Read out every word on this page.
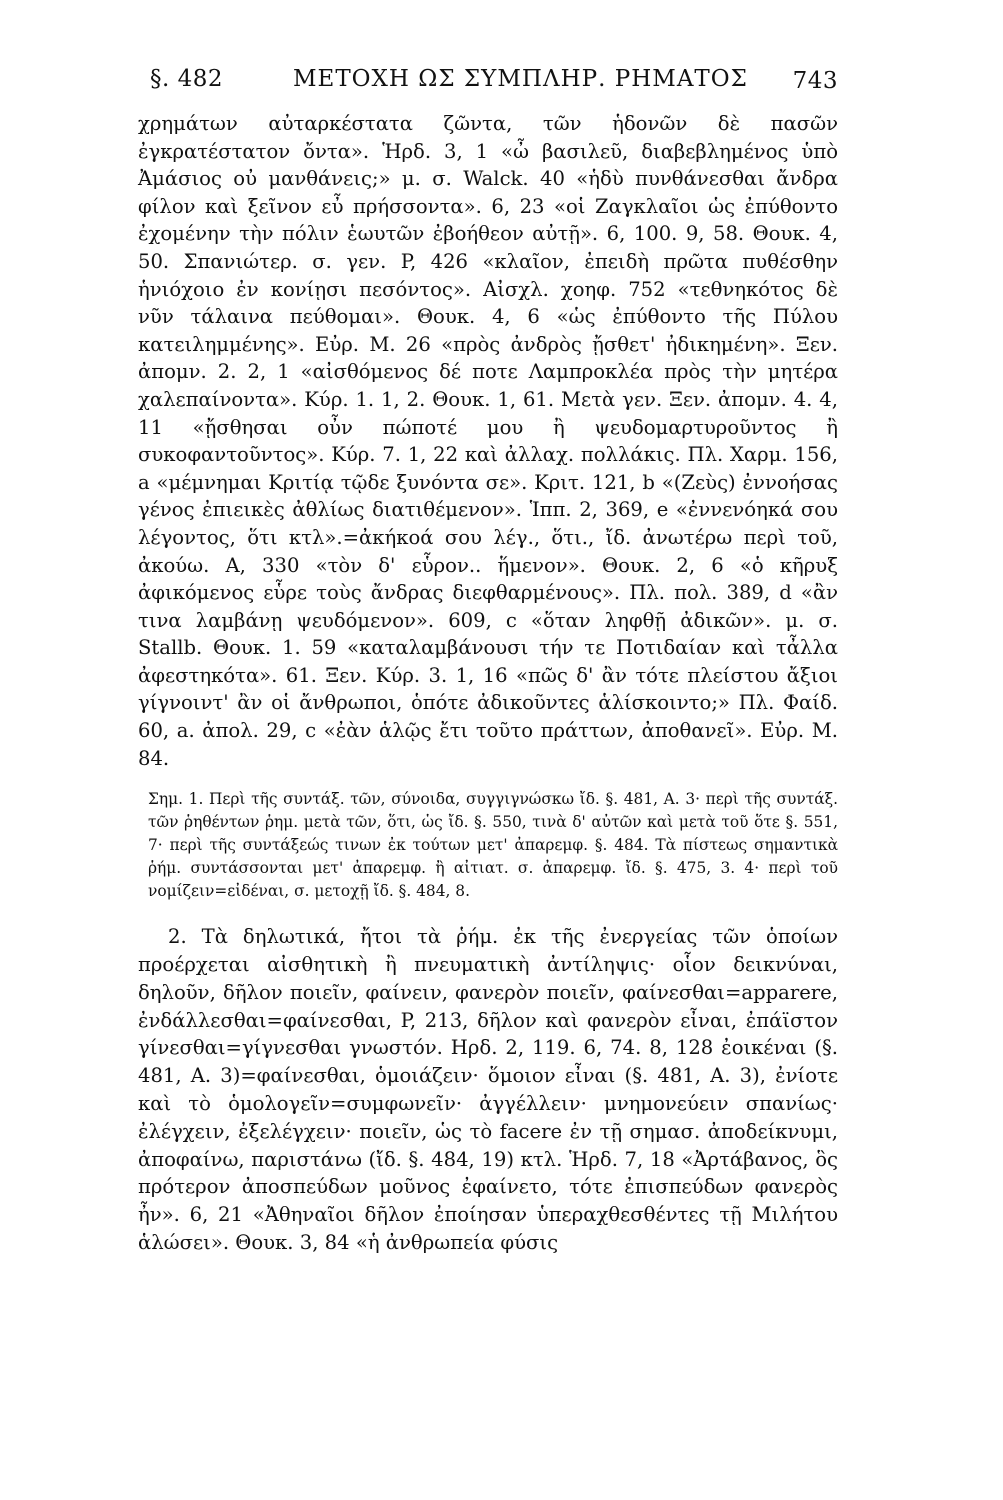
§. 482	ΜΕΤΟΧΗ ΩΣ ΣΥΜΠΛΗΡ. ΡΗΜΑΤΟΣ 743
χρημάτων αὐταρκέστατα ζῶντα, τῶν ἡδονῶν δὲ πασῶν ἐγκρατέστατον ὄντα». Ἡρδ. 3, 1 «ὦ βασιλεῦ, διαβεβλημένος ὑπὸ Ἀμάσιος οὐ μανθάνεις;» μ. σ. Walck. 40 «ἡδὺ πυνθάνεσθαι ἄνδρα φίλον καὶ ξεῖνον εὖ πρήσσοντα». 6, 23 «οἱ Ζαγκλαῖοι ὡς ἐπύθοντο ἐχομένην τὴν πόλιν ἑωυτῶν ἐβοήθεον αὐτῇ». 6, 100. 9, 58. Θουκ. 4, 50. Σπανιώτερ. σ. γεν. P, 426 «κλαῖον, ἐπειδὴ πρῶτα πυθέσθην ἡνιόχοιο ἐν κονίῃσι πεσόντος». Αἰσχλ. χοηφ. 752 «τεθνηκότος δὲ νῦν τάλαινα πεύθομαι». Θουκ. 4, 6 «ὡς ἐπύθοντο τῆς Πύλου κατειλημμένης». Εὐρ. Μ. 26 «πρὸς ἀνδρὸς ᾔσθετ' ἠδικημένη». Ξεν. ἀπομν. 2. 2, 1 «αἰσθόμενος δέ ποτε Λαμπροκλέα πρὸς τὴν μητέρα χαλεπαίνοντα». Κύρ. 1. 1, 2. Θουκ. 1, 61. Μετὰ γεν. Ξεν. ἀπομν. 4. 4, 11 «ᾔσθησαι οὖν πώποτέ μου ἢ ψευδομαρτυροῦντος ἢ συκοφαντοῦντος». Κύρ. 7. 1, 22 καὶ ἀλλαχ. πολλάκις. Πλ. Χαρμ. 156, a «μέμνημαι Κριτίᾳ τῷδε ξυνόντα σε». Κριτ. 121, b «(Ζεὺς) ἐννοήσας γένος ἐπιεικὲς ἀθλίως διατιθέμενον». Ἱππ. 2, 369, e «ἐννενόηκά σου λέγοντος, ὅτι κτλ».=ἀκήκοά σου λέγ., ὅτι., ἴδ. ἀνωτέρω περὶ τοῦ, ἀκούω. A, 330 «τὸν δ' εὗρον.. ἥμενον». Θουκ. 2, 6 «ὁ κῆρυξ ἀφικόμενος εὗρε τοὺς ἄνδρας διεφθαρμένους». Πλ. πολ. 389, d «ἂν τινα λαμβάνῃ ψευδόμενον». 609, c «ὅταν ληφθῇ ἀδικῶν». μ. σ. Stallb. Θουκ. 1. 59 «καταλαμβάνουσι τήν τε Ποτιδαίαν καὶ τἆλλα ἀφεστηκότα». 61. Ξεν. Κύρ. 3. 1, 16 «πῶς δ' ἂν τότε πλείστου ἄξιοι γίγνοιντ' ἂν οἱ ἄνθρωποι, ὁπότε ἀδικοῦντες ἁλίσκοιντο;» Πλ. Φαίδ. 60, a. ἀπολ. 29, c «ἐὰν ἁλῷς ἔτι τοῦτο πράττων, ἀποθανεῖ». Εὐρ. Μ. 84.
Σημ. 1. Περὶ τῆς συντάξ. τῶν, σύνοιδα, συγγιγνώσκω ἴδ. §. 481, A. 3· περὶ τῆς συντάξ. τῶν ῥηθέντων ῥημ. μετὰ τῶν, ὅτι, ὡς ἴδ. §. 550, τινὰ δ' αὐτῶν καὶ μετὰ τοῦ ὅτε §. 551, 7· περὶ τῆς συντάξεώς τινων ἐκ τούτων μετ' ἀπαρεμφ. §. 484. Τὰ πίστεως σημαντικὰ ῥήμ. συντάσσονται μετ' ἀπαρεμφ. ἢ αἰτιατ. σ. ἀπαρεμφ. ἴδ. §. 475, 3. 4· περὶ τοῦ νομίζειν=εἰδέναι, σ. μετοχῇ ἴδ. §. 484, 8.
2. Τὰ δηλωτικά, ἤτοι τὰ ῥήμ. ἐκ τῆς ἐνεργείας τῶν ὁποίων προέρχεται αἰσθητικὴ ἢ πνευματικὴ ἀντίληψις· οἷον δεικνύναι, δηλοῦν, δῆλον ποιεῖν, φαίνειν, φανερὸν ποιεῖν, φαίνεσθαι=apparere, ἐνδάλλεσθαι=φαίνεσθαι, P, 213, δῆλον καὶ φανερὸν εἶναι, ἐπάϊστον γίνεσθαι=γίγνεσθαι γνωστόν. Ηρδ. 2, 119. 6, 74. 8, 128 ἐοικέναι (§. 481, A. 3)=φαίνεσθαι, ὁμοιάζειν· ὅμοιον εἶναι (§. 481, A. 3), ἐνίοτε καὶ τὸ ὁμολογεῖν=συμφωνεῖν· ἀγγέλλειν· μνημονεύειν σπανίως· ἐλέγχειν, ἐξελέγχειν· ποιεῖν, ὡς τὸ facere ἐν τῇ σημασ. ἀποδείκνυμι, ἀποφαίνω, παριστάνω (ἴδ. §. 484, 19) κτλ. Ἡρδ. 7, 18 «Ἀρτάβανος, ὃς πρότερον ἀποσπεύδων μοῦνος ἐφαίνετο, τότε ἐπισπεύδων φανερὸς ἦν». 6, 21 «Ἀθηναῖοι δῆλον ἐποίησαν ὑπεραχθεσθέντες τῇ Μιλήτου ἁλώσει». Θουκ. 3, 84 «ἡ ἀνθρωπεία φύσις
